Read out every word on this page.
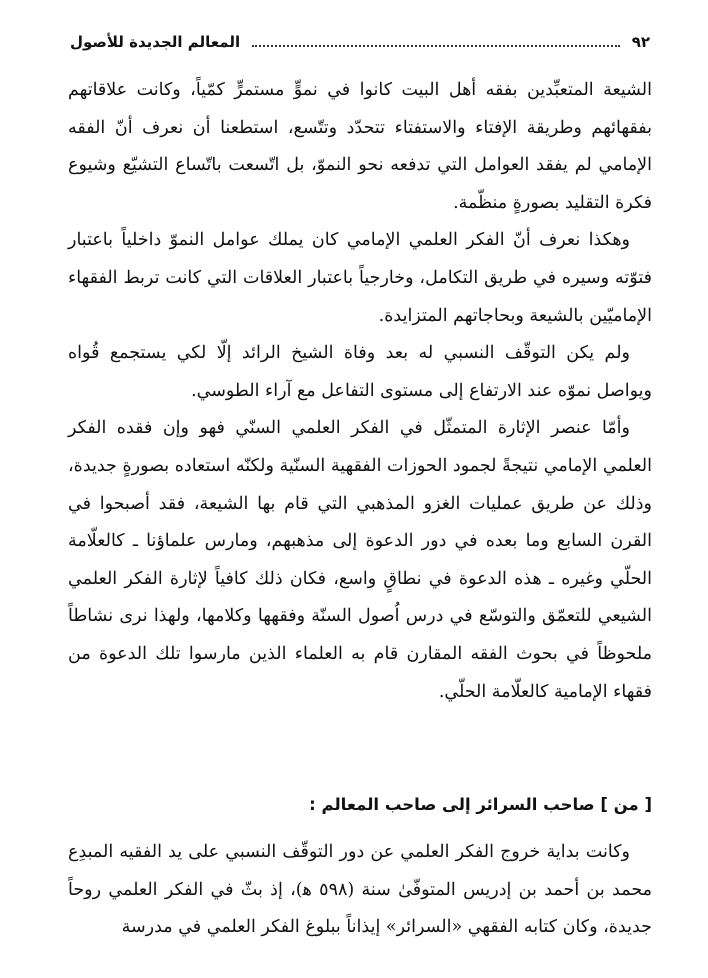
٩٢
المعالم الجديدة للأصول

الشيعة المتعبِّدين بفقه أهل البيت كانوا في نموٍّ مستمرٍّ كمّياً، وكانت علاقاتهم بفقهائهم وطريقة الإفتاء والاستفتاء تتحدّد وتتّسع، استطعنا أن نعرف أنّ الفقه الإمامي لم يفقد العوامل التي تدفعه نحو النموّ، بل اتّسعت باتّساع التشيّع وشيوع فكرة التقليد بصورةٍ منظّمة.

وهكذا نعرف أنّ الفكر العلمي الإمامي كان يملك عوامل النموّ داخلياً باعتبار فتوّته وسيره في طريق التكامل، وخارجياً باعتبار العلاقات التي كانت تربط الفقهاء الإماميّين بالشيعة وبحاجاتهم المتزايدة.

ولم يكن التوقّف النسبي له بعد وفاة الشيخ الرائد إلّا لكي يستجمع قُواه ويواصل نموّه عند الارتفاع إلى مستوى التفاعل مع آراء الطوسي.

وأمّا عنصر الإثارة المتمثّل في الفكر العلمي السنّي فهو وإن فقده الفكر العلمي الإمامي نتيجةً لجمود الحوزات الفقهية السنّية ولكنّه استعاده بصورةٍ جديدة، وذلك عن طريق عمليات الغزو المذهبي التي قام بها الشيعة، فقد أصبحوا في القرن السابع وما بعده في دور الدعوة إلى مذهبهم، ومارس علماؤنا ـ كالعلّامة الحلّي وغيره ـ هذه الدعوة في نطاقٍ واسع، فكان ذلك كافياً لإثارة الفكر العلمي الشيعي للتعمّق والتوسّع في درس اُصول السنّة وفقهها وكلامها، ولهذا نرى نشاطاً ملحوظاً في بحوث الفقه المقارن قام به العلماء الذين مارسوا تلك الدعوة من فقهاء الإمامية كالعلّامة الحلّي.

[ من ] صاحب السرائر إلى صاحب المعالم :

وكانت بداية خروج الفكر العلمي عن دور التوقّف النسبي على يد الفقيه المبدِع محمد بن أحمد بن إدريس المتوفّىٰ سنة (٥٩٨ ﻫ)، إذ بثّ في الفكر العلمي روحاً جديدة، وكان كتابه الفقهي «السرائر» إيذاناً ببلوغ الفكر العلمي في مدرسة
